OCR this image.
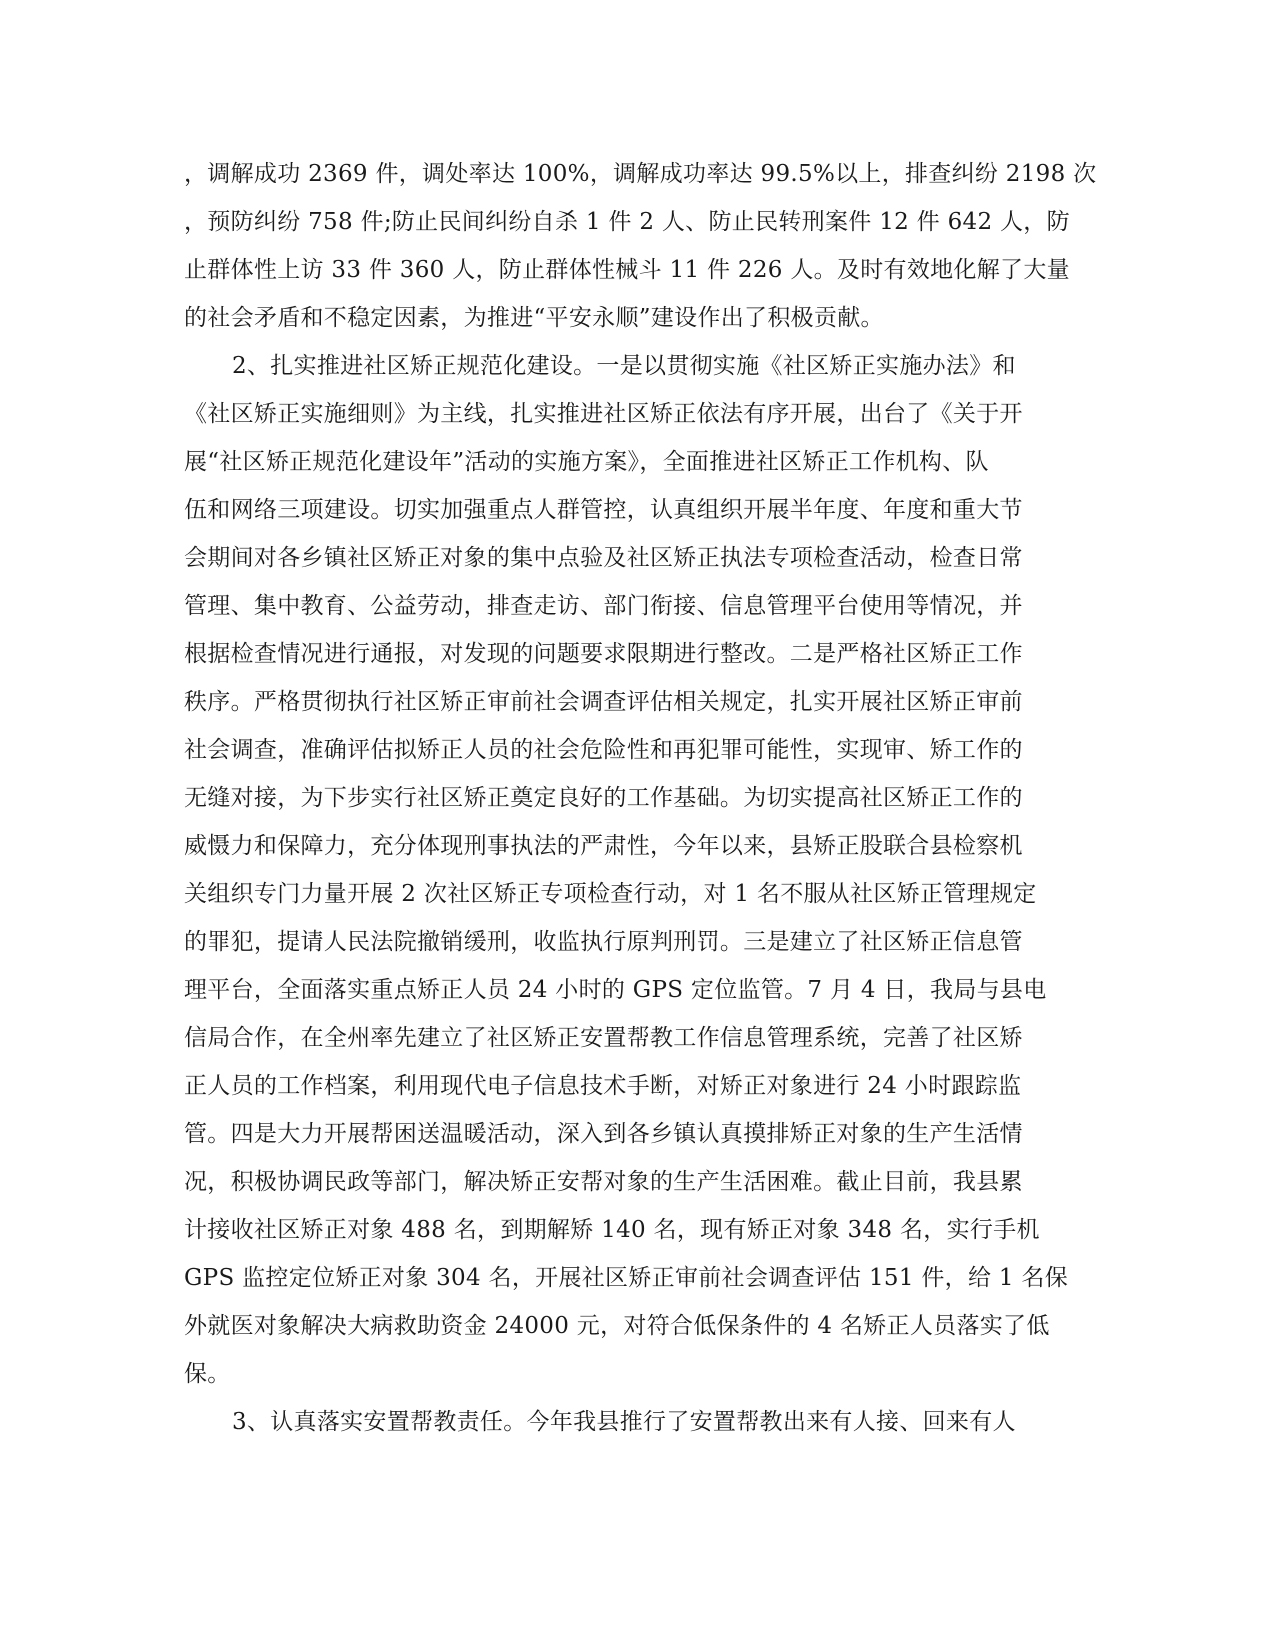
，调解成功 2369 件，调处率达 100%，调解成功率达 99.5%以上，排查纠纷 2198 次
，预防纠纷 758 件;防止民间纠纷自杀 1 件 2 人、防止民转刑案件 12 件 642 人，防
止群体性上访 33 件 360 人，防止群体性械斗 11 件 226 人。及时有效地化解了大量
的社会矛盾和不稳定因素，为推进“平安永顺”建设作出了积极贡献。
2、扎实推进社区矫正规范化建设。一是以贯彻实施《社区矫正实施办法》和
《社区矫正实施细则》为主线，扎实推进社区矫正依法有序开展，出台了《关于开
展“社区矫正规范化建设年”活动的实施方案》，全面推进社区矫正工作机构、队
伍和网络三项建设。切实加强重点人群管控，认真组织开展半年度、年度和重大节
会期间对各乡镇社区矫正对象的集中点验及社区矫正执法专项检查活动，检查日常
管理、集中教育、公益劳动，排查走访、部门衔接、信息管理平台使用等情况，并
根据检查情况进行通报，对发现的问题要求限期进行整改。二是严格社区矫正工作
秩序。严格贯彻执行社区矫正审前社会调查评估相关规定，扎实开展社区矫正审前
社会调查，准确评估拟矫正人员的社会危险性和再犯罪可能性，实现审、矫工作的
无缝对接，为下步实行社区矫正奠定良好的工作基础。为切实提高社区矫正工作的
威慑力和保障力，充分体现刑事执法的严肃性，今年以来，县矫正股联合县检察机
关组织专门力量开展 2 次社区矫正专项检查行动，对 1 名不服从社区矫正管理规定
的罪犯，提请人民法院撤销缓刑，收监执行原判刑罚。三是建立了社区矫正信息管
理平台，全面落实重点矫正人员 24 小时的 GPS 定位监管。7 月 4 日，我局与县电
信局合作，在全州率先建立了社区矫正安置帮教工作信息管理系统，完善了社区矫
正人员的工作档案，利用现代电子信息技术手断，对矫正对象进行 24 小时跟踪监
管。四是大力开展帮困送温暖活动，深入到各乡镇认真摸排矫正对象的生产生活情
况，积极协调民政等部门，解决矫正安帮对象的生产生活困难。截止目前，我县累
计接收社区矫正对象 488 名，到期解矫 140 名，现有矫正对象 348 名，实行手机
GPS 监控定位矫正对象 304 名，开展社区矫正审前社会调查评估 151 件，给 1 名保
外就医对象解决大病救助资金 24000 元，对符合低保条件的 4 名矫正人员落实了低
保。
3、认真落实安置帮教责任。今年我县推行了安置帮教出来有人接、回来有人
